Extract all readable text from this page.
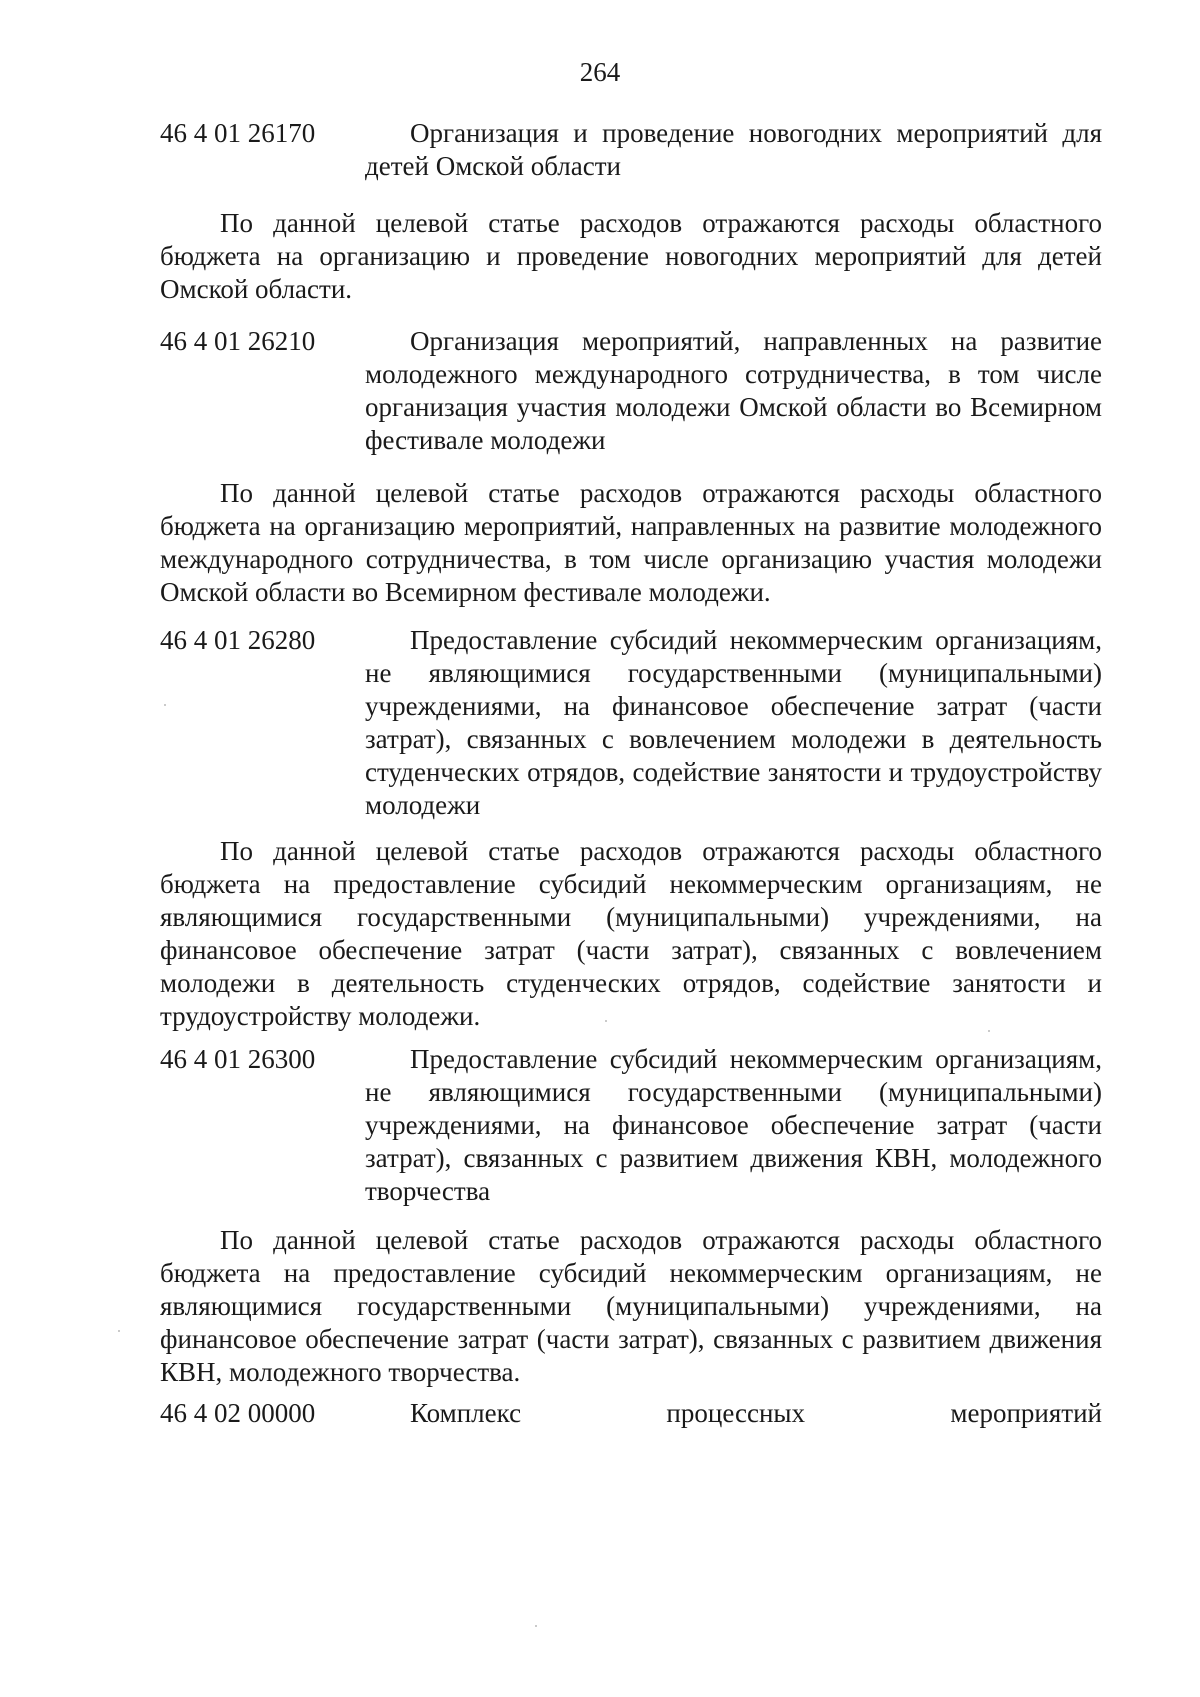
264
46 4 01 26170	Организация и проведение новогодних мероприятий для детей Омской области
По данной целевой статье расходов отражаются расходы областного бюджета на организацию и проведение новогодних мероприятий для детей Омской области.
46 4 01 26210	Организация мероприятий, направленных на развитие молодежного международного сотрудничества, в том числе организация участия молодежи Омской области во Всемирном фестивале молодежи
По данной целевой статье расходов отражаются расходы областного бюджета на организацию мероприятий, направленных на развитие молодежного международного сотрудничества, в том числе организацию участия молодежи Омской области во Всемирном фестивале молодежи.
46 4 01 26280	Предоставление субсидий некоммерческим организациям, не являющимися государственными (муниципальными) учреждениями, на финансовое обеспечение затрат (части затрат), связанных с вовлечением молодежи в деятельность студенческих отрядов, содействие занятости и трудоустройству молодежи
По данной целевой статье расходов отражаются расходы областного бюджета на предоставление субсидий некоммерческим организациям, не являющимися государственными (муниципальными) учреждениями, на финансовое обеспечение затрат (части затрат), связанных с вовлечением молодежи в деятельность студенческих отрядов, содействие занятости и трудоустройству молодежи.
46 4 01 26300	Предоставление субсидий некоммерческим организациям, не являющимися государственными (муниципальными) учреждениями, на финансовое обеспечение затрат (части затрат), связанных с развитием движения КВН, молодежного творчества
По данной целевой статье расходов отражаются расходы областного бюджета на предоставление субсидий некоммерческим организациям, не являющимися государственными (муниципальными) учреждениями, на финансовое обеспечение затрат (части затрат), связанных с развитием движения КВН, молодежного творчества.
46 4 02 00000	Комплекс процессных мероприятий
